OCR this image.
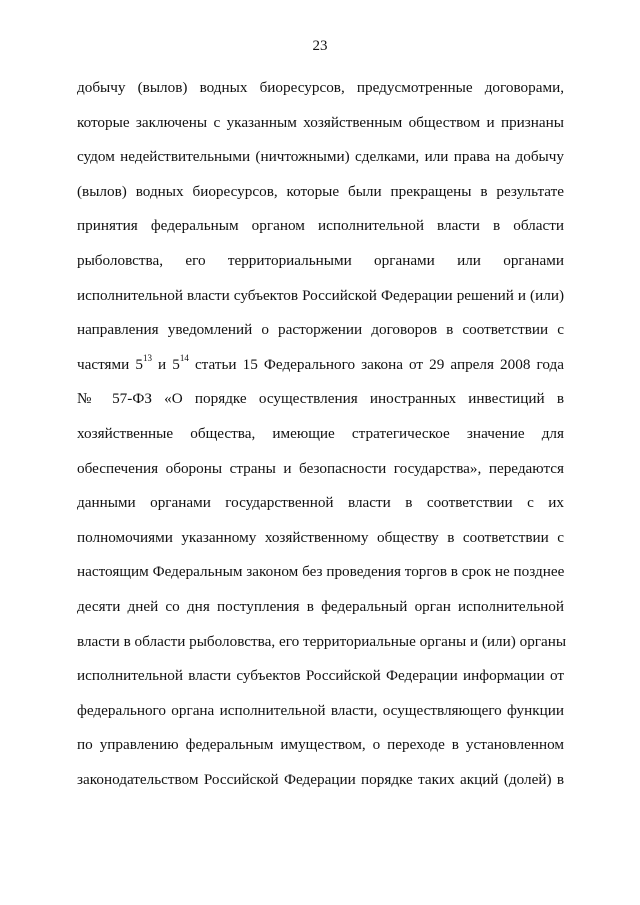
23
добычу (вылов) водных биоресурсов, предусмотренные договорами,
которые заключены с указанным хозяйственным обществом и признаны
судом недействительными (ничтожными) сделками, или права на добычу
(вылов) водных биоресурсов, которые были прекращены в результате
принятия федеральным органом исполнительной власти в области
рыболовства, его территориальными органами или органами
исполнительной власти субъектов Российской Федерации решений и (или)
направления уведомлений о расторжении договоров в соответствии с
частями $5^{13}$ и $5^{14}$ статьи 15 Федерального закона от 29 апреля 2008 года
№ 57-ФЗ «О порядке осуществления иностранных инвестиций в
хозяйственные общества, имеющие стратегическое значение для
обеспечения обороны страны и безопасности государства», передаются
данными органами государственной власти в соответствии с их
полномочиями указанному хозяйственному обществу в соответствии с
настоящим Федеральным законом без проведения торгов в срок не позднее
десяти дней со дня поступления в федеральный орган исполнительной
власти в области рыболовства, его территориальные органы и (или) органы
исполнительной власти субъектов Российской Федерации информации от
федерального органа исполнительной власти, осуществляющего функции
по управлению федеральным имуществом, о переходе в установленном
законодательством Российской Федерации порядке таких акций (долей) в
